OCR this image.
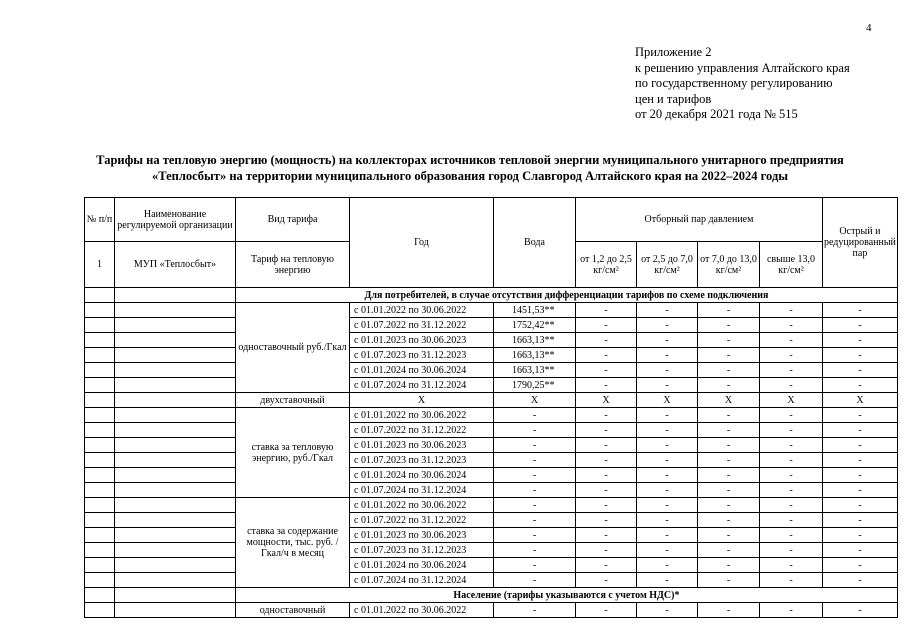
4
Приложение 2
к решению управления Алтайского края
по государственному регулированию
цен и тарифов
от 20 декабря 2021 года № 515
Тарифы на тепловую энергию (мощность) на коллекторах источников тепловой энергии муниципального унитарного предприятия
«Теплосбыт» на территории муниципального образования город Славгород Алтайского края на 2022–2024 годы
№ п/п	Наименование регулируемой организации	Вид тарифа	Год	Вода	Отборный пар давлением				Острый и редуцированный пар
1	МУП «Теплосбыт»	Тариф на тепловую энергию			от 1,2 до 2,5 кг/см²	от 2,5 до 7,0 кг/см²	от 7,0 до 13,0 кг/см²	свыше 13,0 кг/см²	
		Для потребителей, в случае отсутствия дифференциации тарифов по схеме подключения							
		одноставочный руб./Гкал	с 01.01.2022 по 30.06.2022	1451,53**	-	-	-	-	-
			с 01.07.2022 по 31.12.2022	1752,42**	-	-	-	-	-
			с 01.01.2023 по 30.06.2023	1663,13**	-	-	-	-	-
			с 01.07.2023 по 31.12.2023	1663,13**	-	-	-	-	-
			с 01.01.2024 по 30.06.2024	1663,13**	-	-	-	-	-
			с 01.07.2024 по 31.12.2024	1790,25**	-	-	-	-	-
		двухставочный	X	X	X	X	X	X	X
		ставка за тепловую энергию, руб./Гкал	с 01.01.2022 по 30.06.2022	-	-	-	-	-	-
			с 01.07.2022 по 31.12.2022	-	-	-	-	-	-
			с 01.01.2023 по 30.06.2023	-	-	-	-	-	-
			с 01.07.2023 по 31.12.2023	-	-	-	-	-	-
			с 01.01.2024 по 30.06.2024	-	-	-	-	-	-
			с 01.07.2024 по 31.12.2024	-	-	-	-	-	-
		ставка за содержание мощности, тыс. руб. /Гкал/ч в месяц	с 01.01.2022 по 30.06.2022	-	-	-	-	-	-
			с 01.07.2022 по 31.12.2022	-	-	-	-	-	-
			с 01.01.2023 по 30.06.2023	-	-	-	-	-	-
			с 01.07.2023 по 31.12.2023	-	-	-	-	-	-
			с 01.01.2024 по 30.06.2024	-	-	-	-	-	-
			с 01.07.2024 по 31.12.2024	-	-	-	-	-	-
		Население (тарифы указываются с учетом НДС)*							
		одноставочный	с 01.01.2022 по 30.06.2022	-	-	-	-	-	-
